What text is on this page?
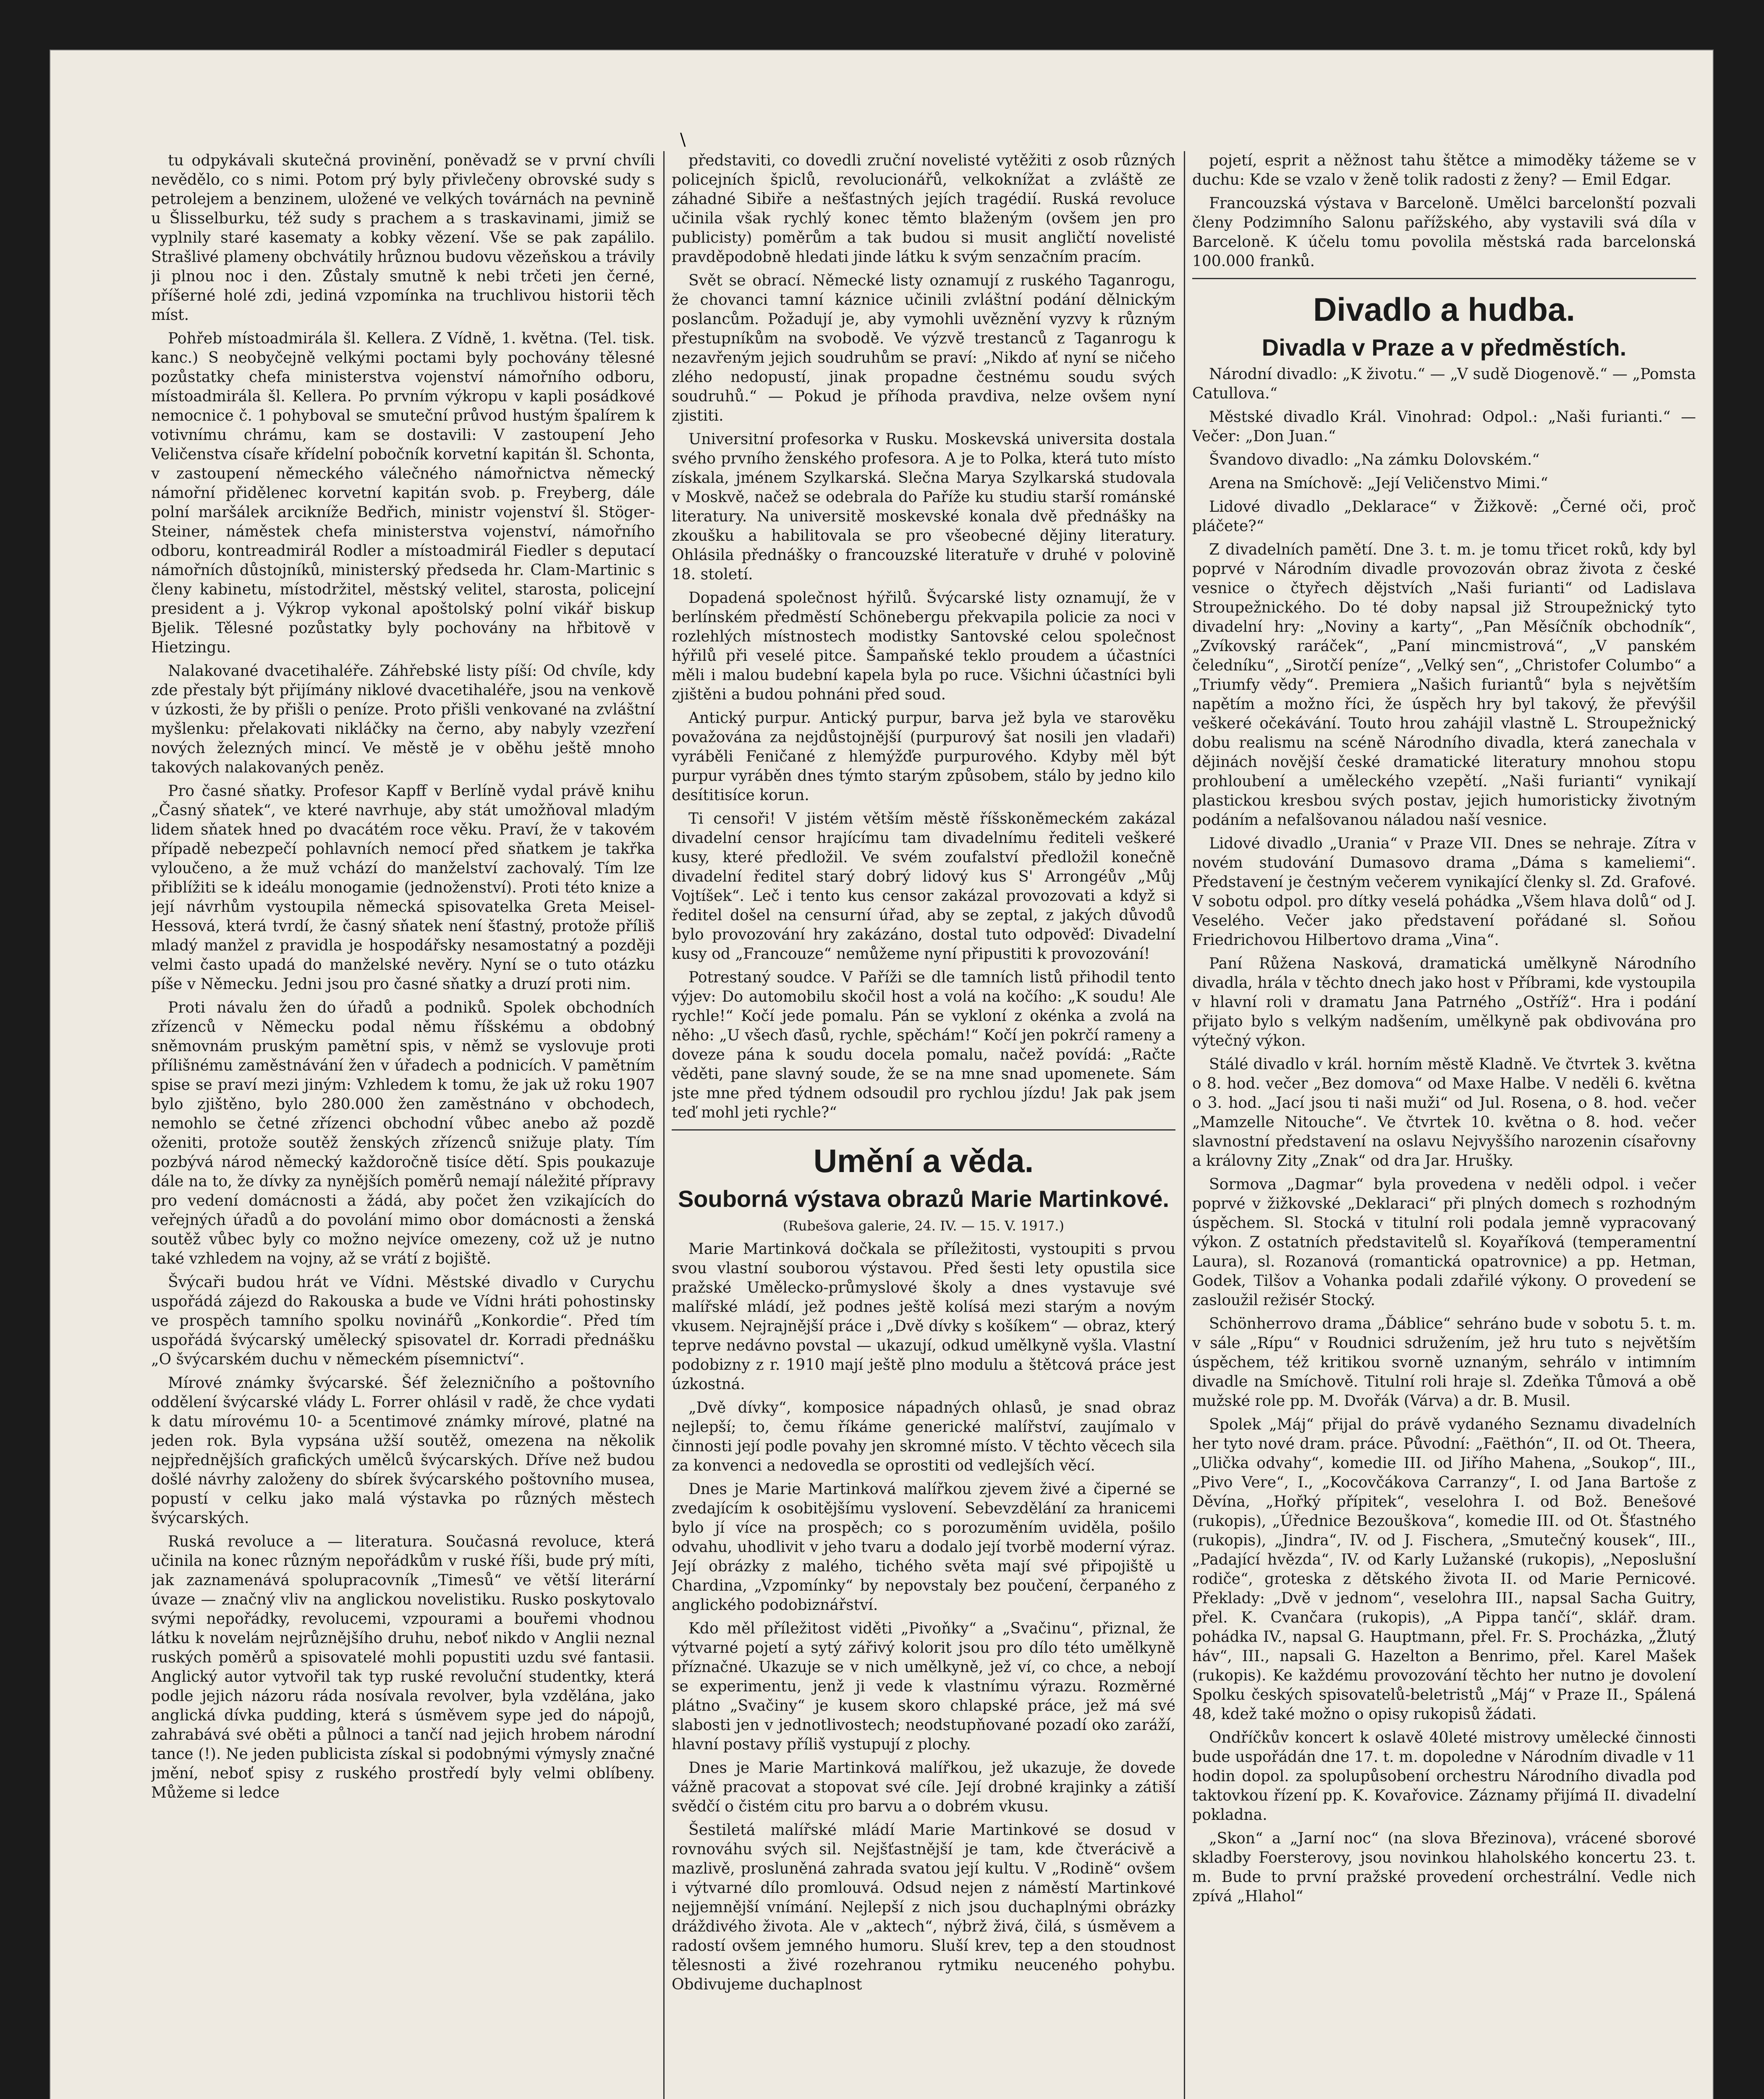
\

tu odpykávali skutečná provinění, poněvadž se v první chvíli nevědělo, co s nimi. Potom prý byly přivlečeny obrovské sudy s petrolejem a benzinem, uložené ve velkých továrnách na pevnině u Šlisselburku, též sudy s prachem a s traskavinami, jimiž se vyplnily staré kasematy a kobky vězení. Vše se pak zapálilo. Strašlivé plameny obchvátily hrůznou budovu vězeňskou a trávily ji plnou noc i den. Zůstaly smutně k nebi trčeti jen černé, příšerné holé zdi, jediná vzpomínka na truchlivou historii těch míst.

Pohřeb místoadmirála šl. Kellera. Z Vídně, 1. května. (Tel. tisk. kanc.) S neobyčejně velkými poctami byly pochovány tělesné pozůstatky chefa ministerstva vojenství námořního odboru, místoadmirála šl. Kellera. Po prvním výkropu v kapli posádkové nemocnice č. 1 pohyboval se smuteční průvod hustým špalírem k votivnímu chrámu, kam se dostavili: V zastoupení Jeho Veličenstva císaře křídelní pobočník korvetní kapitán šl. Schonta, v zastoupení německého válečného námořnictva německý námořní přidělenec korvetní kapitán svob. p. Freyberg, dále polní maršálek arcikníže Bedřich, ministr vojenství šl. Stöger-Steiner, náměstek chefa ministerstva vojenství, námořního odboru, kontreadmirál Rodler a místoadmirál Fiedler s deputací námořních důstojníků, ministerský předseda hr. Clam-Martinic s členy kabinetu, místodržitel, městský velitel, starosta, policejní president a j. Výkrop vykonal apoštolský polní vikář biskup Bjelik. Tělesné pozůstatky byly pochovány na hřbitově v Hietzingu.

Nalakované dvacetihaléře. Záhřebské listy píší: Od chvíle, kdy zde přestaly být přijímány niklové dvacetihaléře, jsou na venkově v úzkosti, že by přišli o peníze. Proto přišli venkované na zvláštní myšlenku: přelakovati nikláčky na černo, aby nabyly vzezření nových železných mincí. Ve městě je v oběhu ještě mnoho takových nalakovaných peněz.

Pro časné sňatky. Profesor Kapff v Berlíně vydal právě knihu „Časný sňatek“, ve které navrhuje, aby stát umožňoval mladým lidem sňatek hned po dvacátém roce věku. Praví, že v takovém případě nebezpečí pohlavních nemocí před sňatkem je takřka vyloučeno, a že muž vchází do manželství zachovalý. Tím lze přiblížiti se k ideálu monogamie (jednoženství). Proti této knize a její návrhům vystoupila německá spisovatelka Greta Meisel-Hessová, která tvrdí, že časný sňatek není šťastný, protože příliš mladý manžel z pravidla je hospodářsky nesamostatný a později velmi často upadá do manželské nevěry. Nyní se o tuto otázku píše v Německu. Jedni jsou pro časné sňatky a druzí proti nim.

Proti návalu žen do úřadů a podniků. Spolek obchodních zřízenců v Německu podal němu říšskému a obdobný sněmovnám pruským pamětní spis, v němž se vyslovuje proti přílišnému zaměstnávání žen v úřadech a podnicích. V pamětním spise se praví mezi jiným: Vzhledem k tomu, že jak už roku 1907 bylo zjištěno, bylo 280.000 žen zaměstnáno v obchodech, nemohlo se četné zřízenci obchodní vůbec anebo až pozdě oženiti, protože soutěž ženských zřízenců snižuje platy. Tím pozbývá národ německý každoročně tisíce dětí. Spis poukazuje dále na to, že dívky za nynějších poměrů nemají náležité přípravy pro vedení domácnosti a žádá, aby počet žen vzikajících do veřejných úřadů a do povolání mimo obor domácnosti a ženská soutěž vůbec byly co možno nejvíce omezeny, což už je nutno také vzhledem na vojny, až se vrátí z bojiště.

Švýcaři budou hrát ve Vídni. Městské divadlo v Curychu uspořádá zájezd do Rakouska a bude ve Vídni hráti pohostinsky ve prospěch tamního spolku novinářů „Konkordie“. Před tím uspořádá švýcarský umělecký spisovatel dr. Korradi přednášku „O švýcarském duchu v německém písemnictví“.

Mírové známky švýcarské. Šéf železničního a poštovního oddělení švýcarské vlády L. Forrer ohlásil v radě, že chce vydati k datu mírovému 10- a 5centimové známky mírové, platné na jeden rok. Byla vypsána užší soutěž, omezena na několik nejpřednějších grafických umělců švýcarských. Dříve než budou došlé návrhy založeny do sbírek švýcarského poštovního musea, popustí v celku jako malá výstavka po různých městech švýcarských.

Ruská revoluce a — literatura. Současná revoluce, která učinila na konec různým nepořádkům v ruské říši, bude prý míti, jak zaznamenává spolupracovník „Timesů“ ve větší literární úvaze — značný vliv na anglickou novelistiku. Rusko poskytovalo svými nepořádky, revolucemi, vzpourami a bouřemi vhodnou látku k novelám nejrůznějšího druhu, neboť nikdo v Anglii neznal ruských poměrů a spisovatelé mohli popustiti uzdu své fantasii. Anglický autor vytvořil tak typ ruské revoluční studentky, která podle jejich názoru ráda nosívala revolver, byla vzdělána, jako anglická dívka pudding, která s úsměvem sype jed do nápojů, zahrabává své oběti a půlnoci a tančí nad jejich hrobem národní tance (!). Ne jeden publicista získal si podobnými výmysly značné jmění, neboť spisy z ruského prostředí byly velmi oblíbeny. Můžeme si ledce

představiti, co dovedli zruční novelisté vytěžiti z osob různých policejních špiclů, revolucionářů, velkoknížat a zvláště ze záhadné Sibiře a nešťastných jejích tragédií. Ruská revoluce učinila však rychlý konec těmto blaženým (ovšem jen pro publicisty) poměrům a tak budou si musit angličtí novelisté pravděpodobně hledati jinde látku k svým senzačním pracím.

Svět se obrací. Německé listy oznamují z ruského Taganrogu, že chovanci tamní káznice učinili zvláštní podání dělnickým poslancům. Požadují je, aby vymohli uvěznění vyzvy k různým přestupníkům na svobodě. Ve výzvě trestanců z Taganrogu k nezavřeným jejich soudruhům se praví: „Nikdo ať nyní se ničeho zlého nedopustí, jinak propadne čestnému soudu svých soudruhů.“ — Pokud je příhoda pravdiva, nelze ovšem nyní zjistiti.

Universitní profesorka v Rusku. Moskevská universita dostala svého prvního ženského profesora. A je to Polka, která tuto místo získala, jménem Szylkarská. Slečna Marya Szylkarská studovala v Moskvě, načež se odebrala do Paříže ku studiu starší románské literatury. Na universitě moskevské konala dvě přednášky na zkoušku a habilitovala se pro všeobecné dějiny literatury. Ohlásila přednášky o francouzské literatuře v druhé v polovině 18. století.

Dopadená společnost hýřilů. Švýcarské listy oznamují, že v berlínském předměstí Schönebergu překvapila policie za noci v rozlehlých místnostech modistky Santovské celou společnost hýřilů při veselé pitce. Šampaňské teklo proudem a účastníci měli i malou budební kapela byla po ruce. Všichni účastníci byli zjištěni a budou pohnáni před soud.

Antický purpur. Antický purpur, barva jež byla ve starověku považována za nejdůstojnější (purpurový šat nosili jen vladaři) vyráběli Feničané z hlemýžďe purpurového. Kdyby měl být purpur vyráběn dnes týmto starým způsobem, stálo by jedno kilo desítitisíce korun.

Ti censoři! V jistém větším městě říšskoněmeckém zakázal divadelní censor hrajícímu tam divadelnímu řediteli veškeré kusy, které předložil. Ve svém zoufalství předložil konečně divadelní ředitel starý dobrý lidový kus S' Arrongéův „Můj Vojtíšek“. Leč i tento kus censor zakázal provozovati a když si ředitel došel na censurní úřad, aby se zeptal, z jakých důvodů bylo provozování hry zakázáno, dostal tuto odpověď: Divadelní kusy od „Francouze“ nemůžeme nyní připustiti k provozování!

Potrestaný soudce. V Paříži se dle tamních listů přihodil tento výjev: Do automobilu skočil host a volá na kočího: „K soudu! Ale rychle!“ Kočí jede pomalu. Pán se vykloní z okénka a zvolá na něho: „U všech ďasů, rychle, spěchám!“ Kočí jen pokrčí rameny a doveze pána k soudu docela pomalu, načež povídá: „Račte věděti, pane slavný soude, že se na mne snad upomenete. Sám jste mne před týdnem odsoudil pro rychlou jízdu! Jak pak jsem teď mohl jeti rychle?“

Umění a věda.
Souborná výstava obrazů Marie Martinkové.
(Rubešova galerie, 24. IV. — 15. V. 1917.)

Marie Martinková dočkala se příležitosti, vystoupiti s prvou svou vlastní souborou výstavou. Před šesti lety opustila sice pražské Umělecko-průmyslové školy a dnes vystavuje své malířské mládí, jež podnes ještě kolísá mezi starým a novým vkusem. Nejrajnější práce i „Dvě dívky s košíkem“ — obraz, který teprve nedávno povstal — ukazují, odkud umělkyně vyšla. Vlastní podobizny z r. 1910 mají ještě plno modulu a štětcová práce jest úzkostná.

„Dvě dívky“, komposice nápadných ohlasů, je snad obraz nejlepší; to, čemu říkáme generické malířství, zaujímalo v činnosti její podle povahy jen skromné místo. V těchto věcech sila za konvenci a nedovedla se oprostiti od vedlejších věcí.

Dnes je Marie Martinková malířkou zjevem živé a čiperné se zvedajícím k osobitějšímu vyslovení. Sebevzdělání za hranicemi bylo jí více na prospěch; co s porozuměním uviděla, pošilo odvahu, uhodlivit v jeho tvaru a dodalo její tvorbě moderní výraz. Její obrázky z malého, tichého světa mají své připojiště u Chardina, „Vzpomínky“ by nepovstaly bez poučení, čerpaného z anglického podobiznářství.

Kdo měl příležitost viděti „Pivoňky“ a „Svačinu“, přiznal, že výtvarné pojetí a sytý zářivý kolorit jsou pro dílo této umělkyně příznačné. Ukazuje se v nich umělkyně, jež ví, co chce, a nebojí se experimentu, jenž ji vede k vlastnímu výrazu. Rozměrné plátno „Svačiny“ je kusem skoro chlapské práce, jež má své slabosti jen v jednotlivostech; neodstupňované pozadí oko zaráží, hlavní postavy příliš vystupují z plochy.

Dnes je Marie Martinková malířkou, jež ukazuje, že dovede vážně pracovat a stopovat své cíle. Její drobné krajinky a zátiší svědčí o čistém citu pro barvu a o dobrém vkusu.

Šestiletá malířské mládí Marie Martinkové se dosud v rovnováhu svých sil. Nejšťastnější je tam, kde čtverácivě a mazlivě, prosluněná zahrada svatou její kultu. V „Rodině“ ovšem i výtvarné dílo promlouvá. Odsud nejen z náměstí Martinkové nejjemnější vnímání. Nejlepší z nich jsou duchaplnými obrázky dráždivého života. Ale v „aktech“, nýbrž živá, čilá, s úsměvem a radostí ovšem jemného humoru. Sluší krev, tep a den stoudnost tělesnosti a živé rozehranou rytmiku neuceného pohybu. Obdivujeme duchaplnost

pojetí, esprit a něžnost tahu štětce a mimoděky tážeme se v duchu: Kde se vzalo v ženě tolik radosti z ženy? — Emil Edgar.

Francouzská výstava v Barceloně. Umělci barcelonští pozvali členy Podzimního Salonu pařížského, aby vystavili svá díla v Barceloně. K účelu tomu povolila městská rada barcelonská 100.000 franků.

Divadlo a hudba.
Divadla v Praze a v předměstích.

Národní divadlo: „K životu.“ — „V sudě Diogenově.“ — „Pomsta Catullova.“

Městské divadlo Král. Vinohrad: Odpol.: „Naši furianti.“ — Večer: „Don Juan.“

Švandovo divadlo: „Na zámku Dolovském.“

Arena na Smíchově: „Její Veličenstvo Mimi.“

Lidové divadlo „Deklarace“ v Žižkově: „Černé oči, proč pláčete?“

Z divadelních pamětí. Dne 3. t. m. je tomu třicet roků, kdy byl poprvé v Národním divadle provozován obraz života z české vesnice o čtyřech dějstvích „Naši furianti“ od Ladislava Stroupežnického. Do té doby napsal již Stroupežnický tyto divadelní hry: „Noviny a karty“, „Pan Měsíčník obchodník“, „Zvíkovský raráček“, „Paní mincmistrová“, „V panském čeledníku“, „Sirotčí peníze“, „Velký sen“, „Christofer Columbo“ a „Triumfy vědy“. Premiera „Našich furiantů“ byla s největším napětím a možno říci, že úspěch hry byl takový, že převýšil veškeré očekávání. Touto hrou zahájil vlastně L. Stroupežnický dobu realismu na scéně Národního divadla, která zanechala v dějinách novější české dramatické literatury mnohou stopu prohloubení a uměleckého vzepětí. „Naši furianti“ vynikají plastickou kresbou svých postav, jejich humoristicky životným podáním a nefalšovanou náladou naší vesnice.

Lidové divadlo „Urania“ v Praze VII. Dnes se nehraje. Zítra v novém studování Dumasovo drama „Dáma s kameliemi“. Představení je čestným večerem vynikající členky sl. Zd. Grafové. V sobotu odpol. pro dítky veselá pohádka „Všem hlava dolů“ od J. Veselého. Večer jako představení pořádané sl. Soňou Friedrichovou Hilbertovo drama „Vina“.

Paní Růžena Nasková, dramatická umělkyně Národního divadla, hrála v těchto dnech jako host v Příbrami, kde vystoupila v hlavní roli v dramatu Jana Patrného „Ostříž“. Hra i podání přijato bylo s velkým nadšením, umělkyně pak obdivována pro výtečný výkon.

Stálé divadlo v král. horním městě Kladně. Ve čtvrtek 3. května o 8. hod. večer „Bez domova“ od Maxe Halbe. V neděli 6. května o 3. hod. „Jací jsou ti naši muži“ od Jul. Rosena, o 8. hod. večer „Mamzelle Nitouche“. Ve čtvrtek 10. května o 8. hod. večer slavnostní představení na oslavu Nejvyššího narozenin císařovny a královny Zity „Znak“ od dra Jar. Hrušky.

Sormova „Dagmar“ byla provedena v neděli odpol. i večer poprvé v žižkovské „Deklaraci“ při plných domech s rozhodným úspěchem. Sl. Stocká v titulní roli podala jemně vypracovaný výkon. Z ostatních představitelů sl. Koyaříková (temperamentní Laura), sl. Rozanová (romantická opatrovnice) a pp. Hetman, Godek, Tilšov a Vohanka podali zdařilé výkony. O provedení se zasloužil režisér Stocký.

Schönherrovo drama „Ďáblice“ sehráno bude v sobotu 5. t. m. v sále „Rípu“ v Roudnici sdružením, jež hru tuto s největším úspěchem, též kritikou svorně uznaným, sehrálo v intimním divadle na Smíchově. Titulní roli hraje sl. Zdeňka Tůmová a obě mužské role pp. M. Dvořák (Várva) a dr. B. Musil.

Spolek „Máj“ přijal do právě vydaného Seznamu divadelních her tyto nové dram. práce. Původní: „Faëthón“, II. od Ot. Theera, „Ulička odvahy“, komedie III. od Jiřího Mahena, „Soukop“, III., „Pivo Vere“, I., „Kocovčákova Carranzy“, I. od Jana Bartoše z Děvína, „Hořký přípitek“, veselohra I. od Bož. Benešové (rukopis), „Úřednice Bezouškova“, komedie III. od Ot. Šťastného (rukopis), „Jindra“, IV. od J. Fischera, „Smutečný kousek“, III., „Padající hvězda“, IV. od Karly Lužanské (rukopis), „Neposlušní rodiče“, groteska z dětského života II. od Marie Pernicové. Překlady: „Dvě v jednom“, veselohra III., napsal Sacha Guitry, přel. K. Cvančara (rukopis), „A Pippa tančí“, sklář. dram. pohádka IV., napsal G. Hauptmann, přel. Fr. S. Procházka, „Žlutý háv“, III., napsali G. Hazelton a Benrimo, přel. Karel Mašek (rukopis). Ke každému provozování těchto her nutno je dovolení Spolku českých spisovatelů-beletristů „Máj“ v Praze II., Spálená 48, kdež také možno o opisy rukopisů žádati.

Ondříčkův koncert k oslavě 40leté mistrovy umělecké činnosti bude uspořádán dne 17. t. m. dopoledne v Národním divadle v 11 hodin dopol. za spolupůsobení orchestru Národního divadla pod taktovkou řízení pp. K. Kovařovice. Záznamy přijímá II. divadelní pokladna.

„Skon“ a „Jarní noc“ (na slova Březinova), vrácené sborové skladby Foersterovy, jsou novinkou hlaholského koncertu 23. t. m. Bude to první pražské provedení orchestrální. Vedle nich zpívá „Hlahol“
